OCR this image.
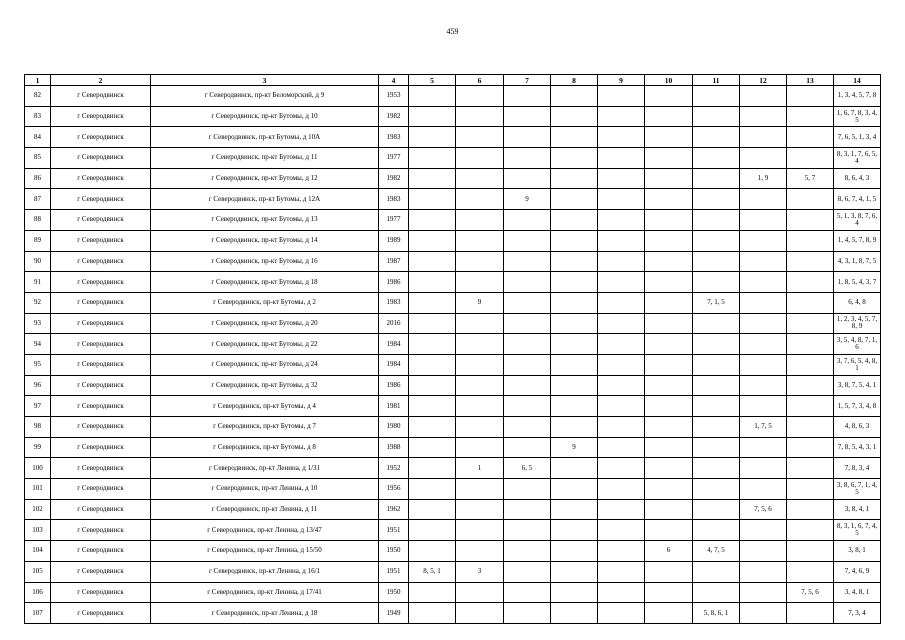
459
1	2	3	4	5	6	7	8	9	10	11	12	13	14
82	г Северодвинск	г Северодвинск, пр-кт Беломорский, д 9	1953										1, 3, 4, 5, 7, 8
83	г Северодвинск	г Северодвинск, пр-кт Бутомы, д 10	1982										1, 6, 7, 8, 3, 4, 5
84	г Северодвинск	г Северодвинск, пр-кт Бутомы, д 10А	1983										7, 6, 5, 1, 3, 4
85	г Северодвинск	г Северодвинск, пр-кт Бутомы, д 11	1977										8, 3, 1, 7, 6, 5, 4
86	г Северодвинск	г Северодвинск, пр-кт Бутомы, д 12	1982								1, 9	5, 7	8, 6, 4, 3
87	г Северодвинск	г Северодвинск, пр-кт Бутомы, д 12А	1983			9							8, 6, 7, 4, 1, 5
88	г Северодвинск	г Северодвинск, пр-кт Бутомы, д 13	1977										5, 1, 3, 8, 7, 6, 4
89	г Северодвинск	г Северодвинск, пр-кт Бутомы, д 14	1989										1, 4, 5, 7, 8, 9
90	г Северодвинск	г Северодвинск, пр-кт Бутомы, д 16	1987										4, 3, 1, 8, 7, 5
91	г Северодвинск	г Северодвинск, пр-кт Бутомы, д 18	1986										1, 8, 5, 4, 3, 7
92	г Северодвинск	г Северодвинск, пр-кт Бутомы, д 2	1983		9					7, 1, 5			6, 4, 8
93	г Северодвинск	г Северодвинск, пр-кт Бутомы, д 20	2016										1, 2, 3, 4, 5, 7, 8, 9
94	г Северодвинск	г Северодвинск, пр-кт Бутомы, д 22	1984										3, 5, 4, 8, 7, 1, 6
95	г Северодвинск	г Северодвинск, пр-кт Бутомы, д 24	1984										3, 7, 6, 5, 4, 8, 1
96	г Северодвинск	г Северодвинск, пр-кт Бутомы, д 32	1986										3, 8, 7, 5, 4, 1
97	г Северодвинск	г Северодвинск, пр-кт Бутомы, д 4	1981										1, 5, 7, 3, 4, 8
98	г Северодвинск	г Северодвинск, пр-кт Бутомы, д 7	1980								1, 7, 5		4, 8, 6, 3
99	г Северодвинск	г Северодвинск, пр-кт Бутомы, д 8	1988				9						7, 8, 5, 4, 3, 1
100	г Северодвинск	г Северодвинск, пр-кт Ленина, д 1/31	1952		1	6, 5							7, 8, 3, 4
101	г Северодвинск	г Северодвинск, пр-кт Ленина, д 10	1956										3, 8, 6, 7, 1, 4, 5
102	г Северодвинск	г Северодвинск, пр-кт Ленина, д 11	1962								7, 5, 6		3, 8, 4, 1
103	г Северодвинск	г Северодвинск, пр-кт Ленина, д 13/47	1951										8, 3, 1, 6, 7, 4, 5
104	г Северодвинск	г Северодвинск, пр-кт Ленина, д 15/50	1950						6	4, 7, 5			3, 8, 1
105	г Северодвинск	г Северодвинск, пр-кт Ленина, д 16/1	1951	8, 5, 1	3								7, 4, 6, 9
106	г Северодвинск	г Северодвинск, пр-кт Ленина, д 17/41	1950									7, 5, 6	3, 4, 8, 1
107	г Северодвинск	г Северодвинск, пр-кт Ленина, д 18	1949							5, 8, 6, 1			7, 3, 4
